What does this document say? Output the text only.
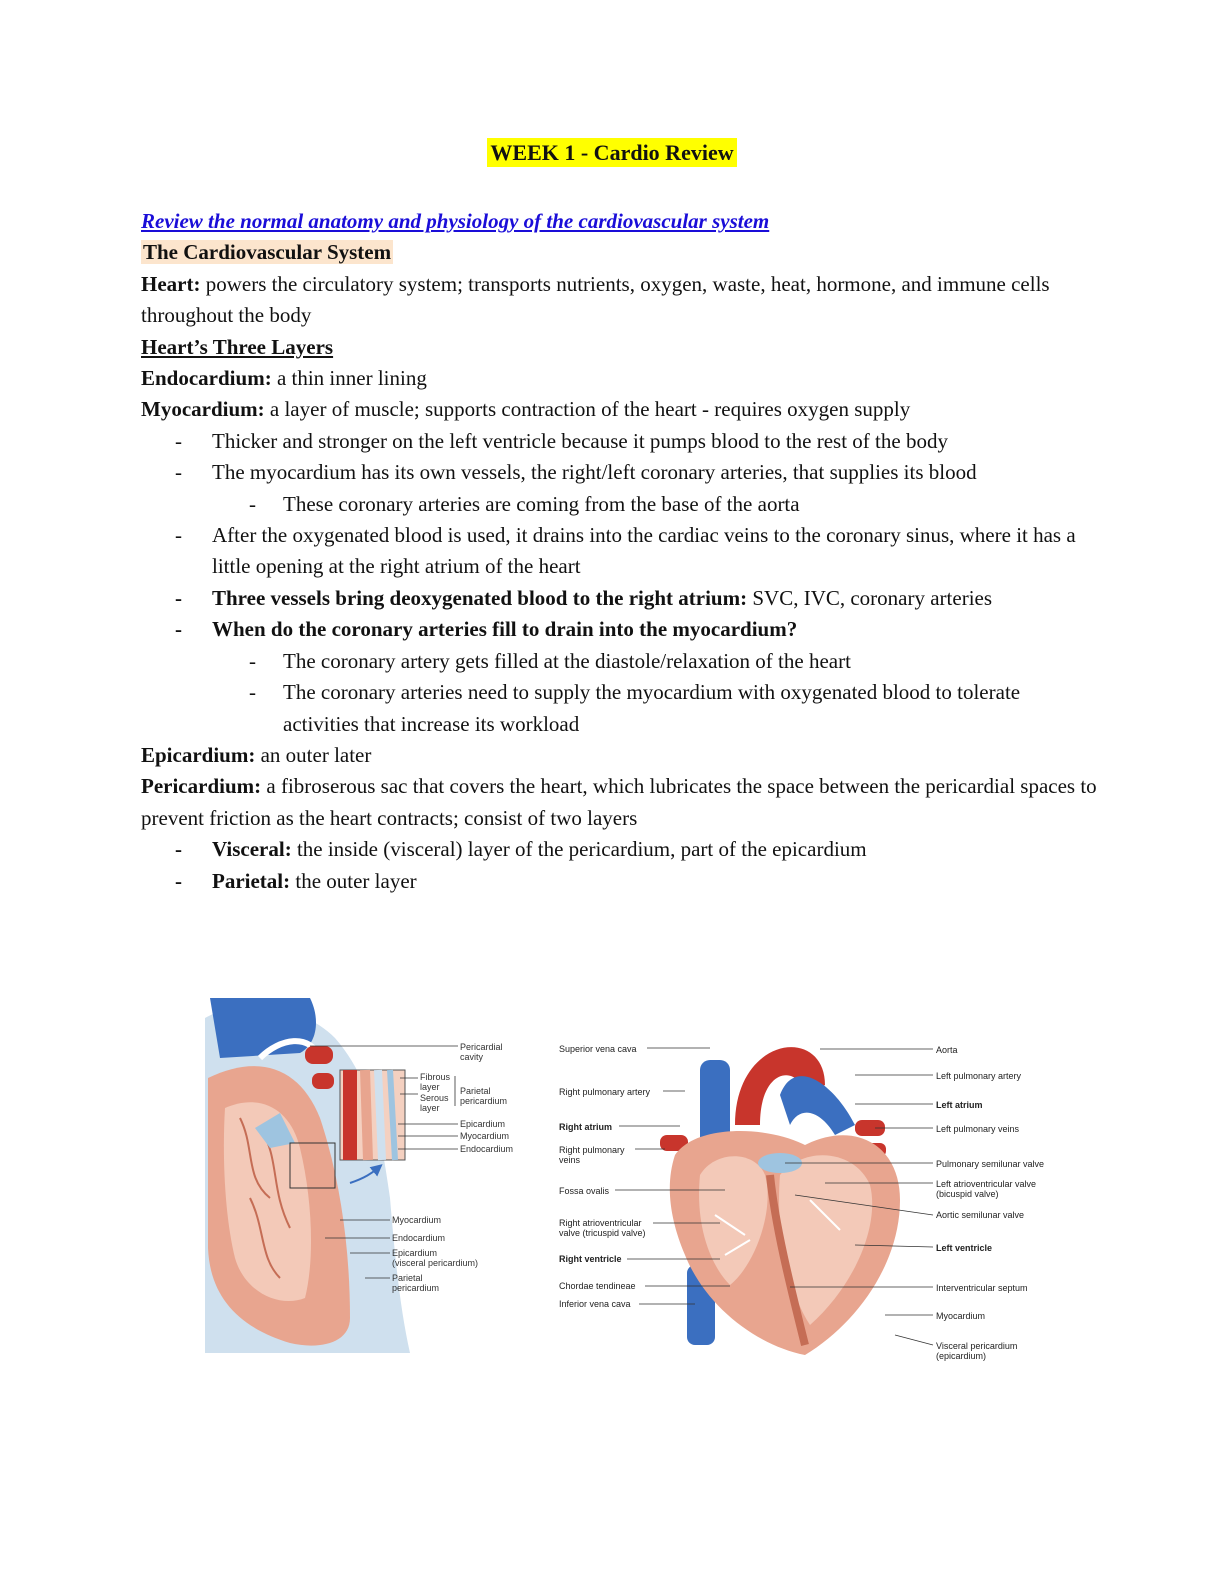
WEEK 1 - Cardio Review

Review the normal anatomy and physiology of the cardiovascular system

The Cardiovascular System

Heart: powers the circulatory system; transports nutrients, oxygen, waste, heat, hormone, and immune cells throughout the body

Heart’s Three Layers

Endocardium: a thin inner lining

Myocardium: a layer of muscle; supports contraction of the heart - requires oxygen supply

- Thicker and stronger on the left ventricle because it pumps blood to the rest of the body
- The myocardium has its own vessels, the right/left coronary arteries, that supplies its blood
- These coronary arteries are coming from the base of the aorta
- After the oxygenated blood is used, it drains into the cardiac veins to the coronary sinus, where it has a little opening at the right atrium of the heart
- Three vessels bring deoxygenated blood to the right atrium: SVC, IVC, coronary arteries
- When do the coronary arteries fill to drain into the myocardium?
- The coronary artery gets filled at the diastole/relaxation of the heart
- The coronary arteries need to supply the myocardium with oxygenated blood to tolerate activities that increase its workload

Epicardium: an outer later

Pericardium: a fibroserous sac that covers the heart, which lubricates the space between the pericardial spaces to prevent friction as the heart contracts; consist of two layers

- Visceral: the inside (visceral) layer of the pericardium, part of the epicardium
- Parietal: the outer layer
Pericardial
cavity
Fibrous
layer
Serous
layer
Parietal
pericardium
Epicardium
Myocardium
Endocardium
Myocardium
Endocardium
Epicardium
(visceral pericardium)
Parietal
pericardium
Superior vena cava
Right pulmonary artery
Right atrium
Right pulmonary
veins
Fossa ovalis
Right atrioventricular
valve (tricuspid valve)
Right ventricle
Chordae tendineae
Inferior vena cava
Aorta
Left pulmonary artery
Left atrium
Left pulmonary veins
Pulmonary semilunar valve
Left atrioventricular valve
(bicuspid valve)
Aortic semilunar valve
Left ventricle
Interventricular septum
Myocardium
Visceral pericardium
(epicardium)
